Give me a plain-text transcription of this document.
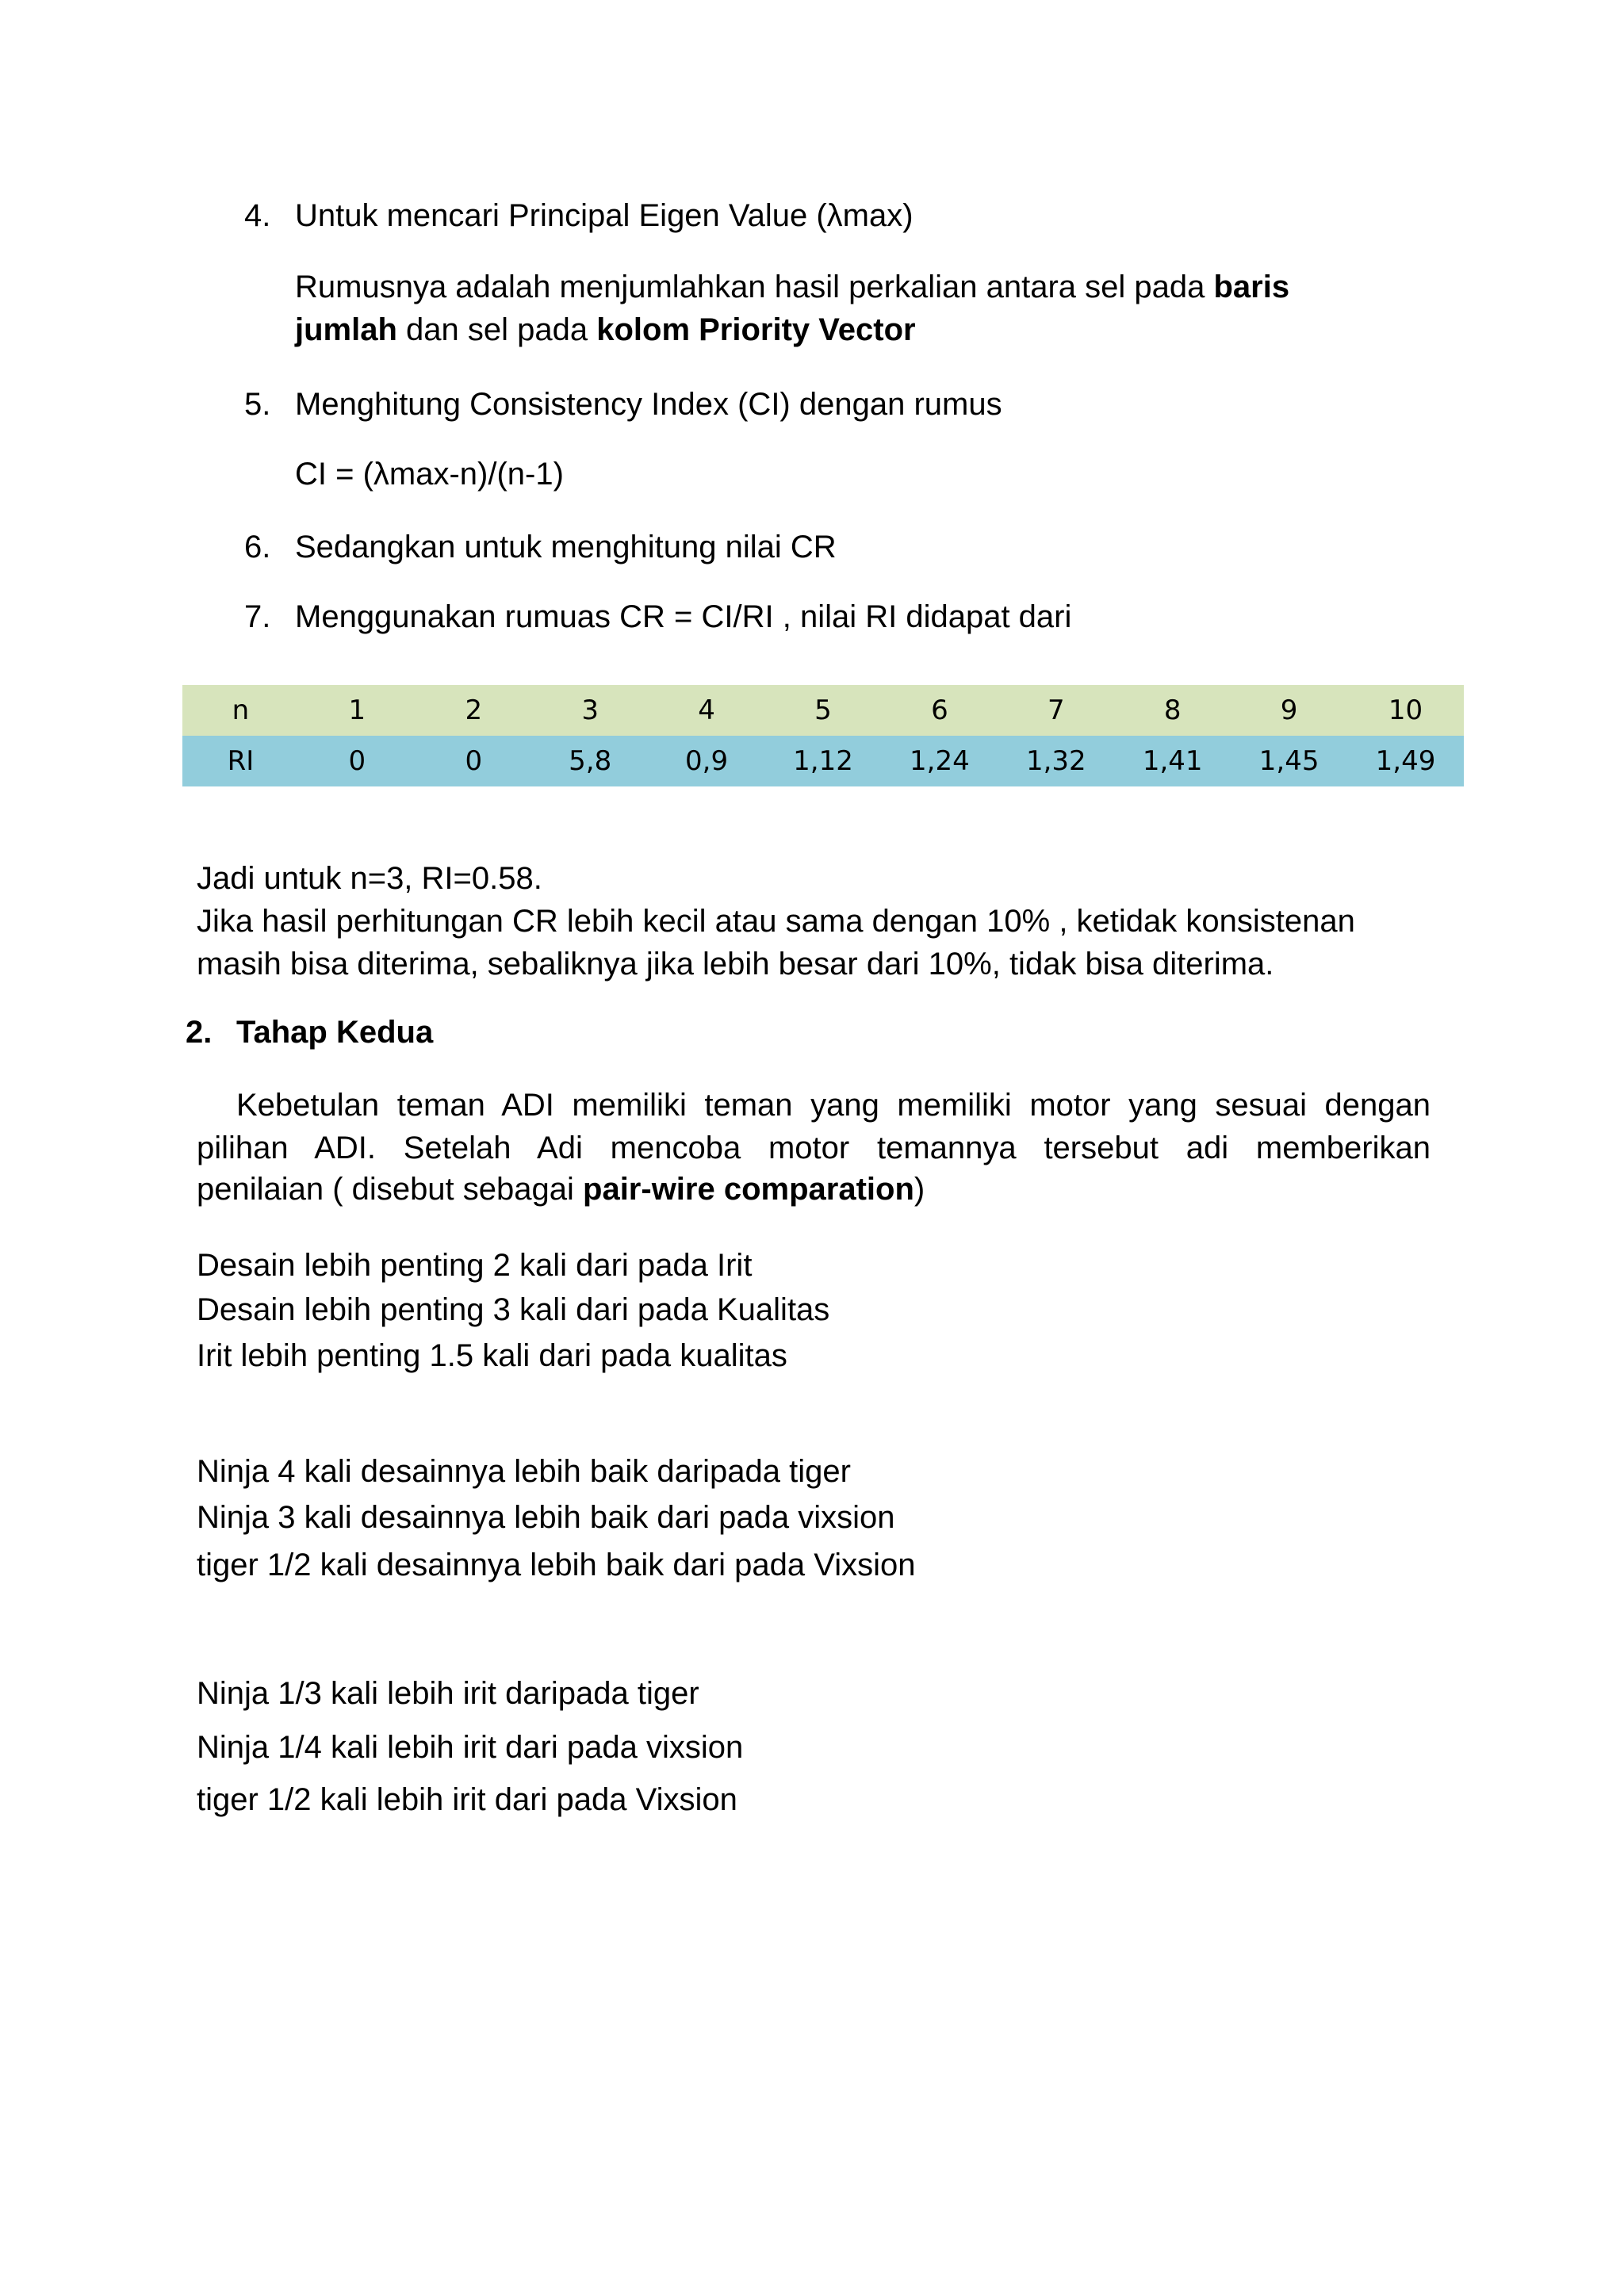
4. Untuk mencari Principal Eigen Value (λmax)
Rumusnya adalah menjumlahkan hasil perkalian antara sel pada baris
jumlah dan sel pada kolom Priority Vector
5. Menghitung Consistency Index (CI) dengan rumus
CI = (λmax-n)/(n-1)
6. Sedangkan untuk menghitung nilai CR
7. Menggunakan rumuas CR = CI/RI , nilai RI didapat dari
n	1	2	3	4	5	6	7	8	9	10
RI	0	0	5,8	0,9	1,12	1,24	1,32	1,41	1,45	1,49
Jadi untuk n=3, RI=0.58.
Jika hasil perhitungan CR lebih kecil atau sama dengan 10% , ketidak konsistenan
masih bisa diterima, sebaliknya jika lebih besar dari 10%, tidak bisa diterima.
2. Tahap Kedua
Kebetulan teman ADI memiliki teman yang memiliki motor yang sesuai dengan
pilihan ADI. Setelah Adi mencoba motor temannya tersebut adi memberikan
penilaian ( disebut sebagai pair-wire comparation)
Desain lebih penting 2 kali dari pada Irit
Desain lebih penting 3 kali dari pada Kualitas
Irit lebih penting 1.5 kali dari pada kualitas
Ninja 4 kali desainnya lebih baik daripada tiger
Ninja 3 kali desainnya lebih baik dari pada vixsion
tiger 1/2 kali desainnya lebih baik dari pada Vixsion
Ninja 1/3 kali lebih irit daripada tiger
Ninja 1/4 kali lebih irit dari pada vixsion
tiger 1/2 kali lebih irit dari pada Vixsion
